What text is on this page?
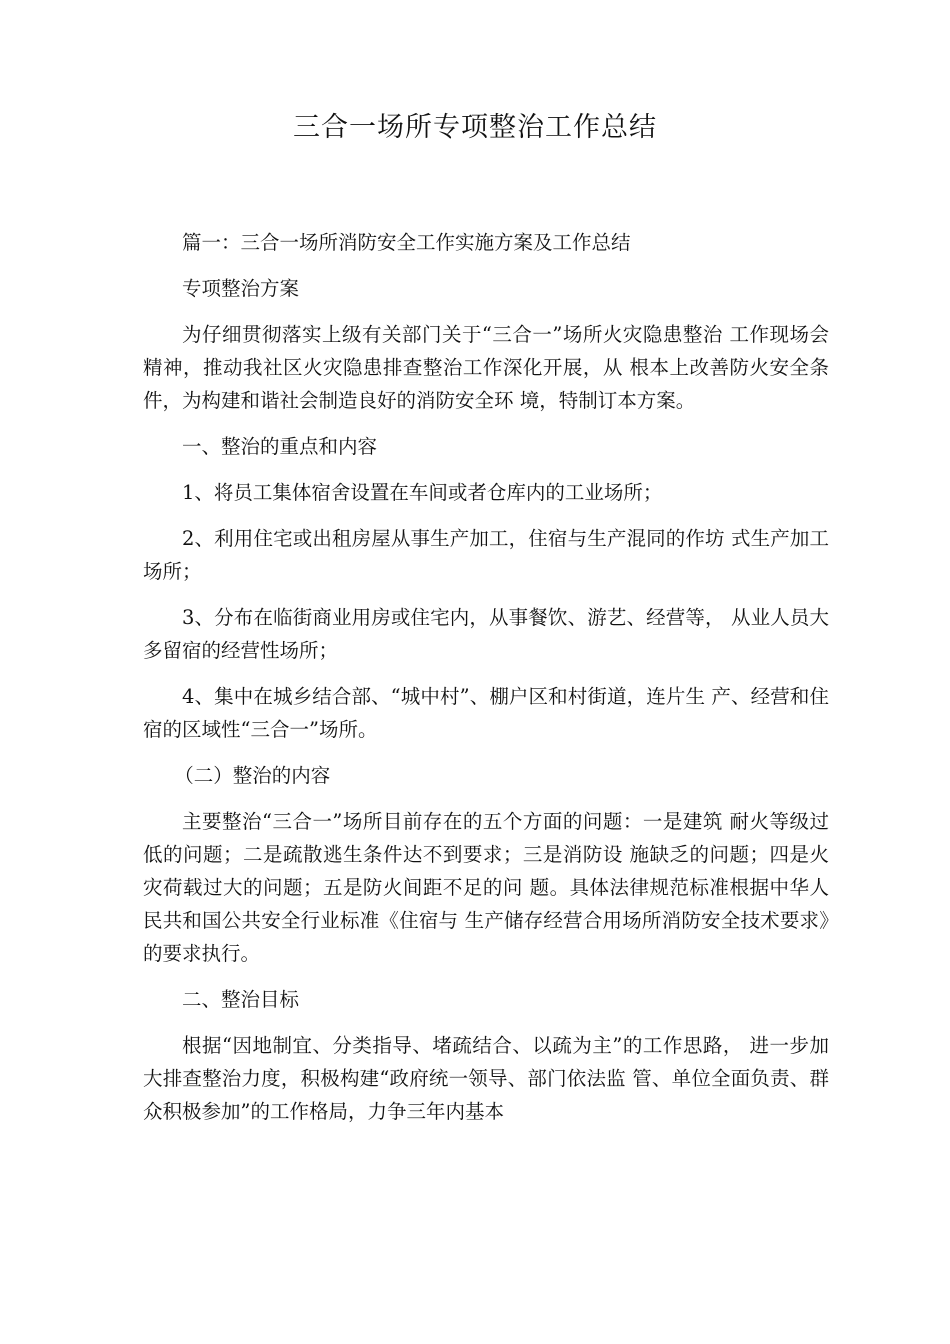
三合一场所专项整治工作总结

篇一：三合一场所消防安全工作实施方案及工作总结

专项整治方案

为仔细贯彻落实上级有关部门关于“三合一”场所火灾隐患整治 工作现场会精神，推动我社区火灾隐患排查整治工作深化开展，从 根本上改善防火安全条件，为构建和谐社会制造良好的消防安全环 境，特制订本方案。

一、整治的重点和内容

1、将员工集体宿舍设置在车间或者仓库内的工业场所；

2、利用住宅或出租房屋从事生产加工，住宿与生产混同的作坊 式生产加工场所；

3、分布在临街商业用房或住宅内，从事餐饮、游艺、经营等， 从业人员大多留宿的经营性场所；

4、集中在城乡结合部、“城中村”、棚户区和村街道，连片生 产、经营和住宿的区域性“三合一”场所。

（二）整治的内容

主要整治“三合一”场所目前存在的五个方面的问题：一是建筑 耐火等级过低的问题；二是疏散逃生条件达不到要求；三是消防设 施缺乏的问题；四是火灾荷载过大的问题；五是防火间距不足的问 题。具体法律规范标准根据中华人民共和国公共安全行业标准《住宿与 生产储存经营合用场所消防安全技术要求》的要求执行。

二、整治目标

根据“因地制宜、分类指导、堵疏结合、以疏为主”的工作思路， 进一步加大排查整治力度，积极构建“政府统一领导、部门依法监 管、单位全面负责、群众积极参加”的工作格局，力争三年内基本
